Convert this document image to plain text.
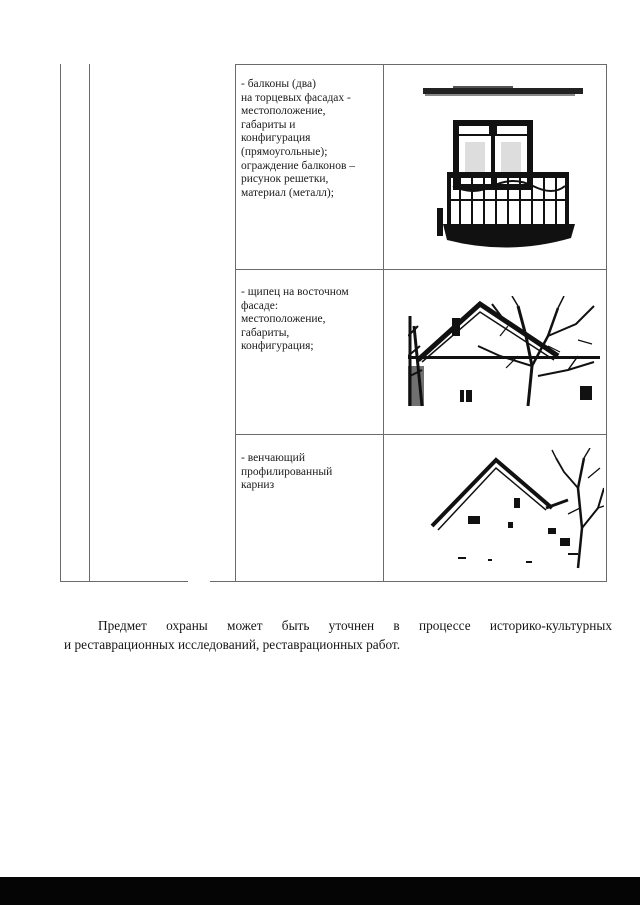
- балконы (два)
на торцевых фасадах -
местоположение,
габариты и
конфигурация
(прямоугольные);
ограждение балконов –
рисунок решетки,
материал (металл);
- щипец на восточном
фасаде:
местоположение,
габариты,
конфигурация;
- венчающий
профилированный
карниз
Предмет охраны может быть уточнен в процессе историко-культурных
и реставрационных исследований, реставрационных работ.
